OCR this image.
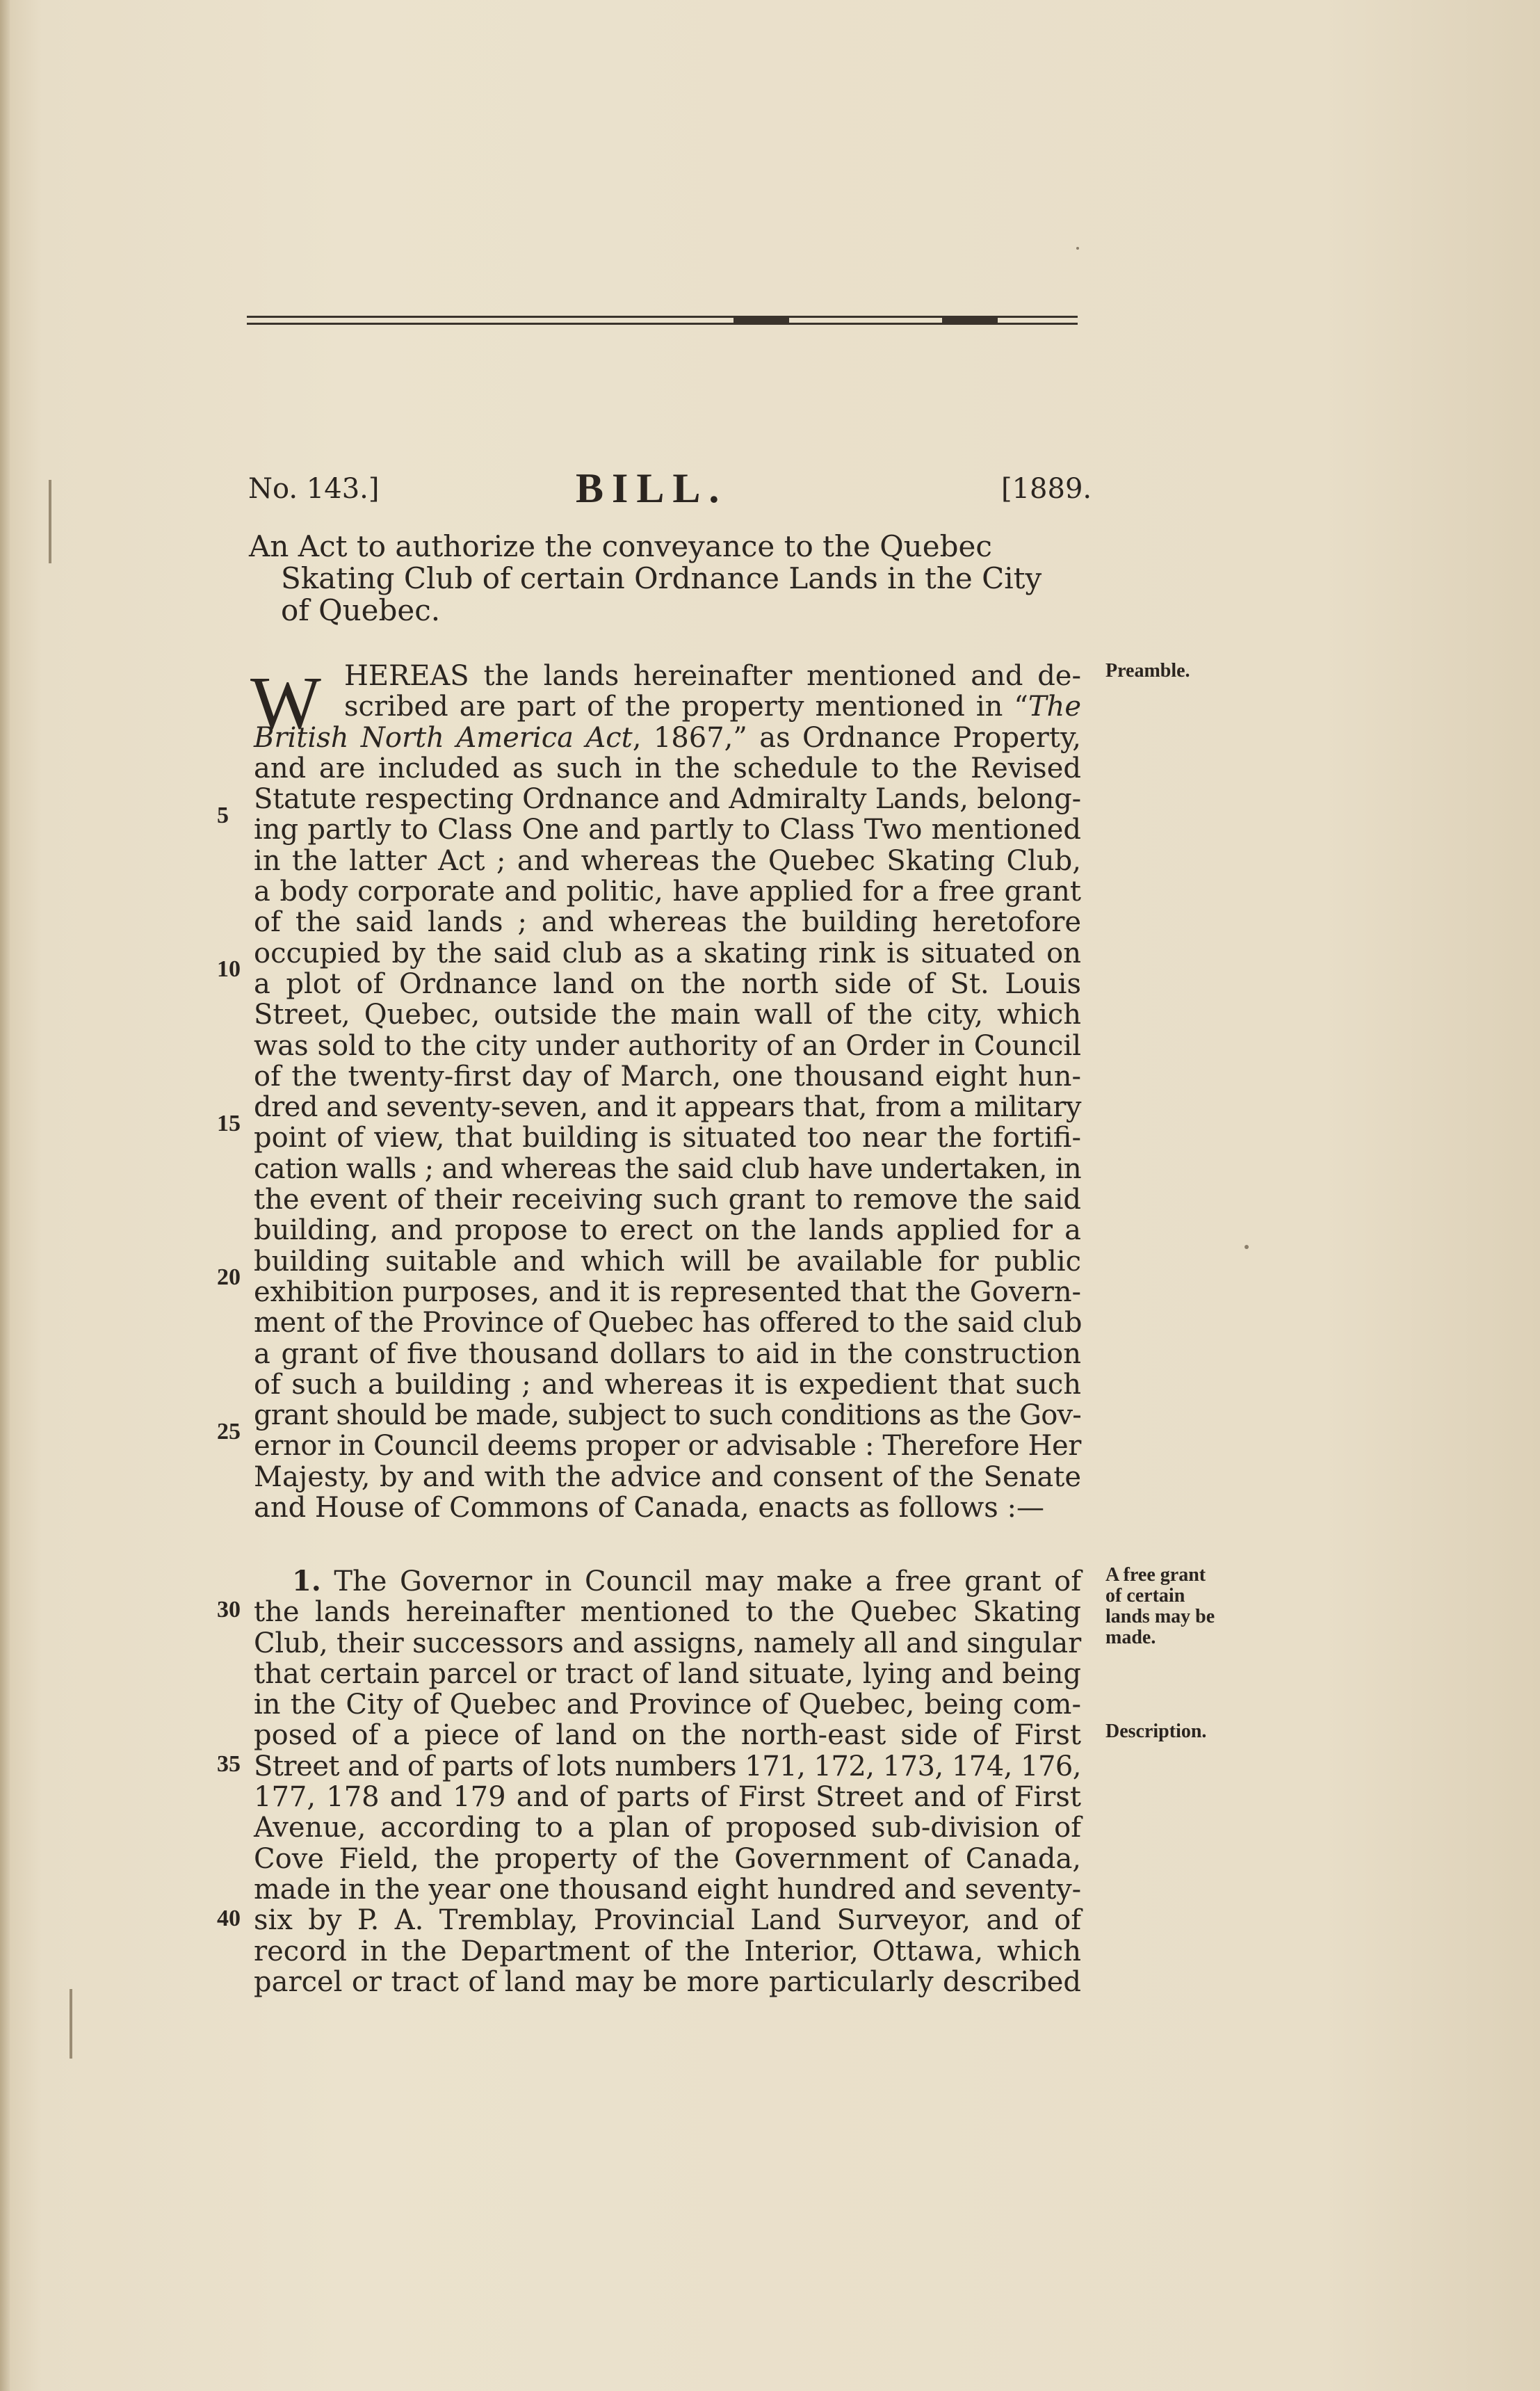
No. 143.]	BILL.	[1889.
An Act to authorize the conveyance to the Quebec
Skating Club of certain Ordnance Lands in the City
of Quebec.
W HEREAS the lands hereinafter mentioned and de-
scribed are part of the property mentioned in “The
British North America Act, 1867,” as Ordnance Property,
and are included as such in the schedule to the Revised
Statute respecting Ordnance and Admiralty Lands, belong-
ing partly to Class One and partly to Class Two mentioned
in the latter Act ; and whereas the Quebec Skating Club,
a body corporate and politic, have applied for a free grant
of the said lands ; and whereas the building heretofore
occupied by the said club as a skating rink is situated on
a plot of Ordnance land on the north side of St. Louis
Street, Quebec, outside the main wall of the city, which
was sold to the city under authority of an Order in Council
of the twenty-first day of March, one thousand eight hun-
dred and seventy-seven, and it appears that, from a military
point of view, that building is situated too near the fortifi-
cation walls ; and whereas the said club have undertaken, in
the event of their receiving such grant to remove the said
building, and propose to erect on the lands applied for a
building suitable and which will be available for public
exhibition purposes, and it is represented that the Govern-
ment of the Province of Quebec has offered to the said club
a grant of five thousand dollars to aid in the construction
of such a building ; and whereas it is expedient that such
grant should be made, subject to such conditions as the Gov-
ernor in Council deems proper or advisable : Therefore Her
Majesty, by and with the advice and consent of the Senate
and House of Commons of Canada, enacts as follows :—
5
10
15
20
25
1. The Governor in Council may make a free grant of
the lands hereinafter mentioned to the Quebec Skating
Club, their successors and assigns, namely all and singular
that certain parcel or tract of land situate, lying and being
in the City of Quebec and Province of Quebec, being com-
posed of a piece of land on the north-east side of First
Street and of parts of lots numbers 171, 172, 173, 174, 176,
177, 178 and 179 and of parts of First Street and of First
Avenue, according to a plan of proposed sub-division of
Cove Field, the property of the Government of Canada,
made in the year one thousand eight hundred and seventy-
six by P. A. Tremblay, Provincial Land Surveyor, and of
record in the Department of the Interior, Ottawa, which
parcel or tract of land may be more particularly described
30
35
40
Preamble.
A free grant
of certain
lands may be
made.
Description.
